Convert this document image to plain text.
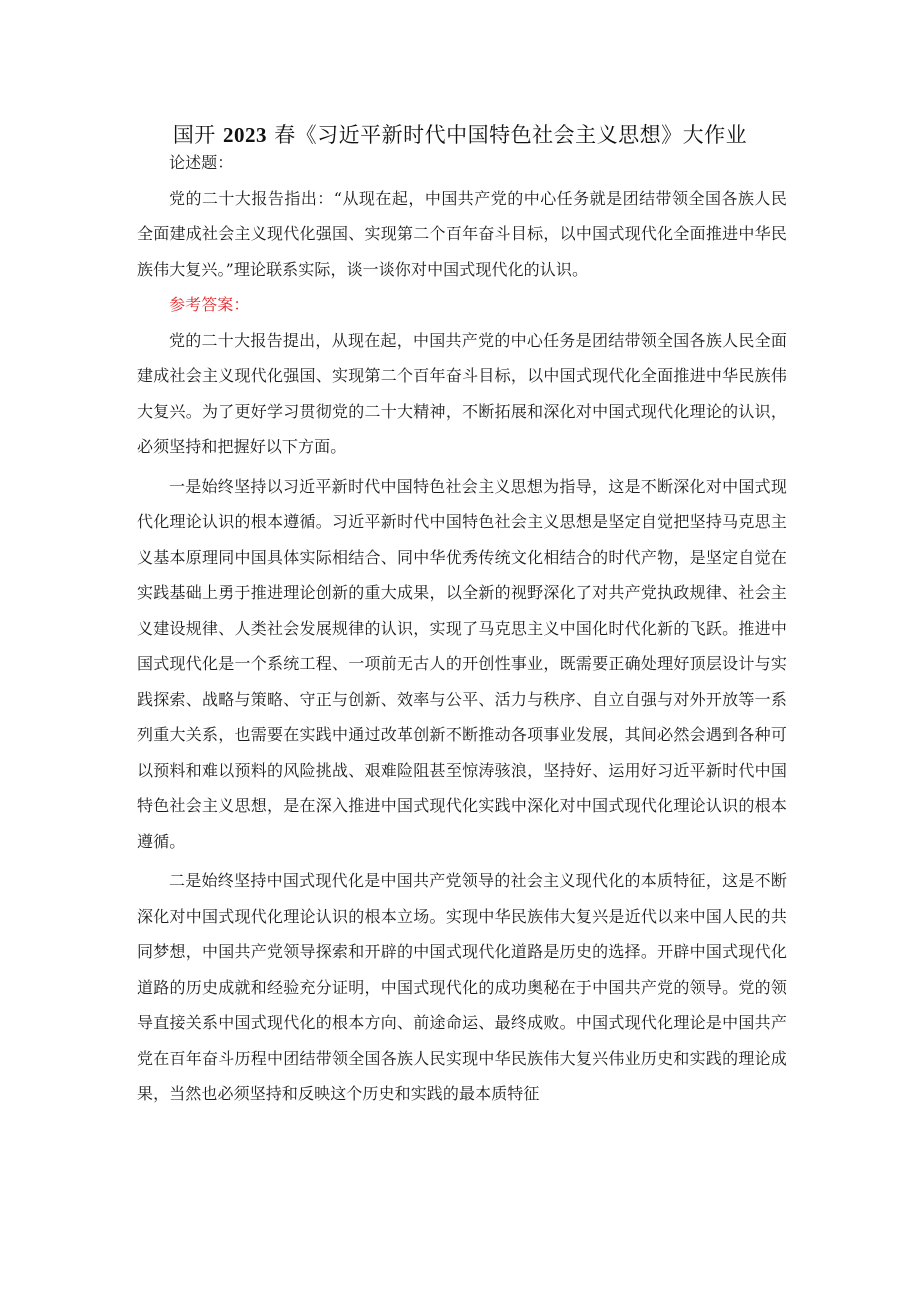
国开 2023 春《习近平新时代中国特色社会主义思想》大作业

论述题：

党的二十大报告指出：“从现在起，中国共产党的中心任务就是团结带领全国各族人民全面建成社会主义现代化强国、实现第二个百年奋斗目标，以中国式现代化全面推进中华民族伟大复兴。”理论联系实际，谈一谈你对中国式现代化的认识。

参考答案：

党的二十大报告提出，从现在起，中国共产党的中心任务是团结带领全国各族人民全面建成社会主义现代化强国、实现第二个百年奋斗目标，以中国式现代化全面推进中华民族伟大复兴。为了更好学习贯彻党的二十大精神，不断拓展和深化对中国式现代化理论的认识，必须坚持和把握好以下方面。

一是始终坚持以习近平新时代中国特色社会主义思想为指导，这是不断深化对中国式现代化理论认识的根本遵循。习近平新时代中国特色社会主义思想是坚定自觉把坚持马克思主义基本原理同中国具体实际相结合、同中华优秀传统文化相结合的时代产物，是坚定自觉在实践基础上勇于推进理论创新的重大成果，以全新的视野深化了对共产党执政规律、社会主义建设规律、人类社会发展规律的认识，实现了马克思主义中国化时代化新的飞跃。推进中国式现代化是一个系统工程、一项前无古人的开创性事业，既需要正确处理好顶层设计与实践探索、战略与策略、守正与创新、效率与公平、活力与秩序、自立自强与对外开放等一系列重大关系，也需要在实践中通过改革创新不断推动各项事业发展，其间必然会遇到各种可以预料和难以预料的风险挑战、艰难险阻甚至惊涛骇浪，坚持好、运用好习近平新时代中国特色社会主义思想，是在深入推进中国式现代化实践中深化对中国式现代化理论认识的根本遵循。

二是始终坚持中国式现代化是中国共产党领导的社会主义现代化的本质特征，这是不断深化对中国式现代化理论认识的根本立场。实现中华民族伟大复兴是近代以来中国人民的共同梦想，中国共产党领导探索和开辟的中国式现代化道路是历史的选择。开辟中国式现代化道路的历史成就和经验充分证明，中国式现代化的成功奥秘在于中国共产党的领导。党的领导直接关系中国式现代化的根本方向、前途命运、最终成败。中国式现代化理论是中国共产党在百年奋斗历程中团结带领全国各族人民实现中华民族伟大复兴伟业历史和实践的理论成果，当然也必须坚持和反映这个历史和实践的最本质特征
